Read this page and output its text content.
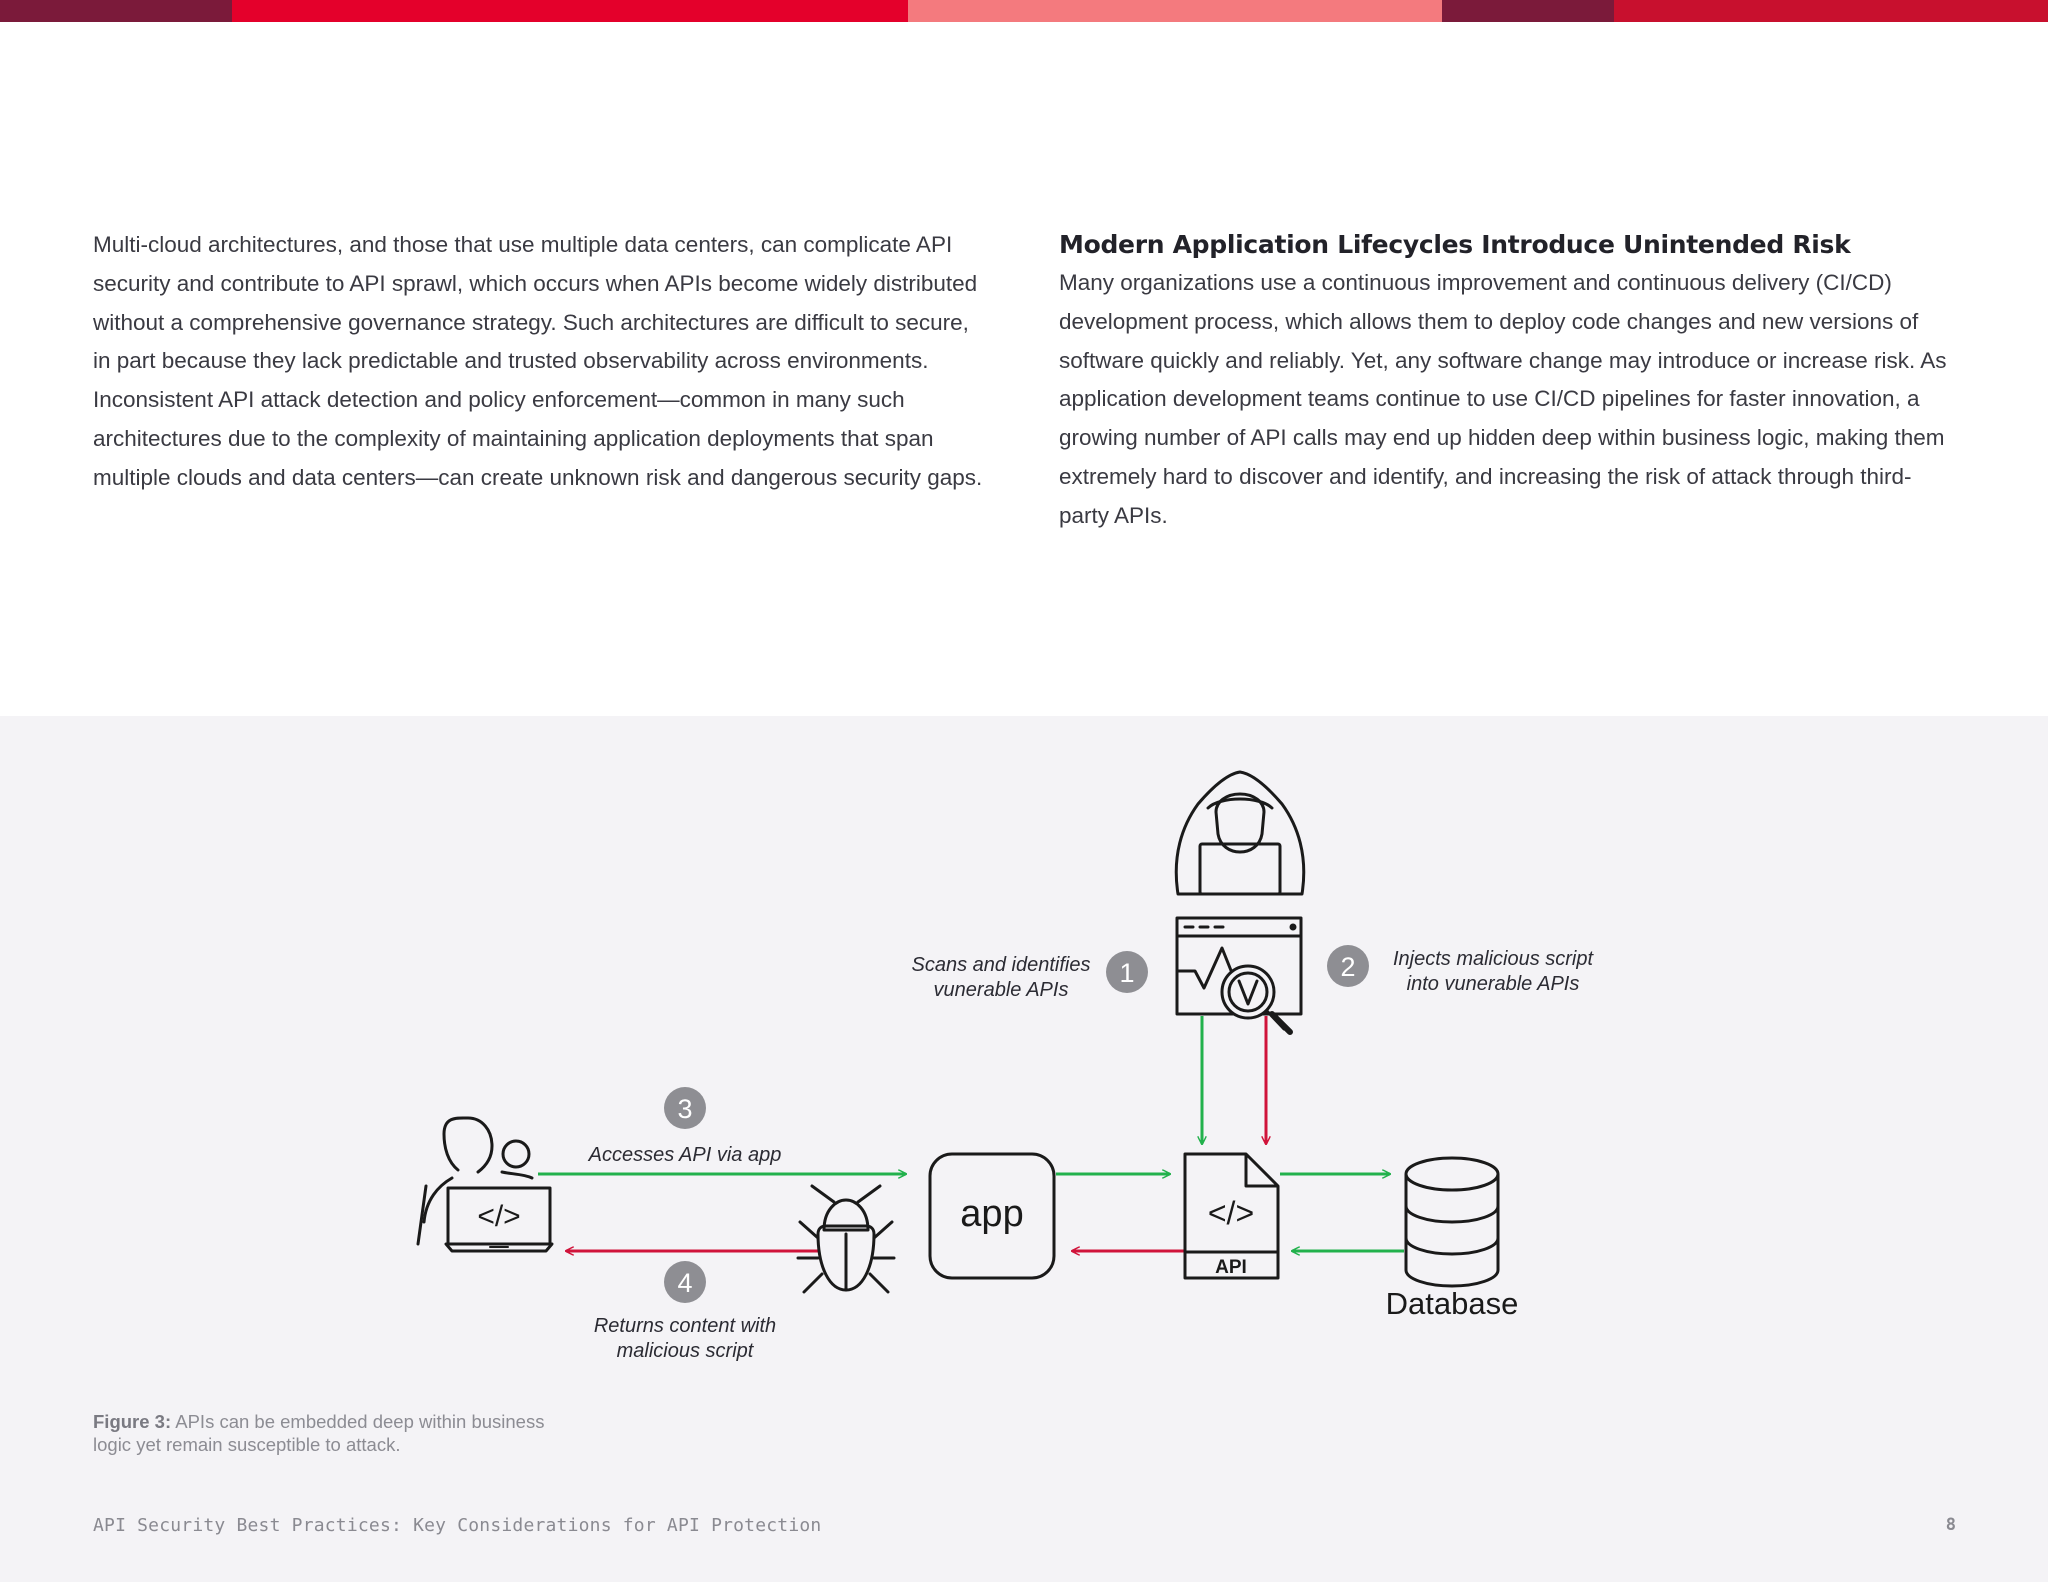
Multi-cloud architectures, and those that use multiple data centers, can complicate API security and contribute to API sprawl, which occurs when APIs become widely distributed without a comprehensive governance strategy. Such architectures are difficult to secure, in part because they lack predictable and trusted observability across environments. Inconsistent API attack detection and policy enforcement—common in many such architectures due to the complexity of maintaining application deployments that span multiple clouds and data centers—can create unknown risk and dangerous security gaps.

Modern Application Lifecycles Introduce Unintended Risk

Many organizations use a continuous improvement and continuous delivery (CI/CD) development process, which allows them to deploy code changes and new versions of software quickly and reliably. Yet, any software change may introduce or increase risk. As application development teams continue to use CI/CD pipelines for faster innovation, a growing number of API calls may end up hidden deep within business logic, making them extremely hard to discover and identify, and increasing the risk of attack through third-party APIs.

1
Scans and identifies
vunerable APIs
2 Injects malicious script
into vunerable APIs
</>
3
Accesses API via app
4
Returns content with
malicious script
app	</>
API
Database
Figure 3: APIs can be embedded deep within business logic yet remain susceptible to attack.
API Security Best Practices: Key Considerations for API Protection	8
